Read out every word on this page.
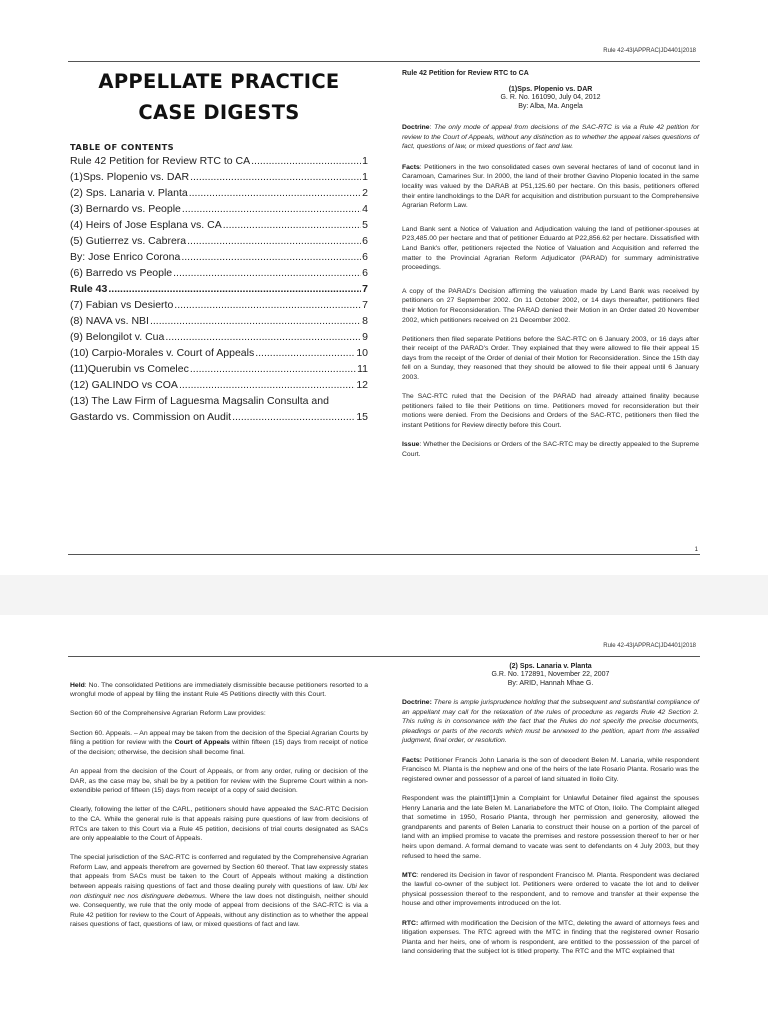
Rule 42-43|APPRAC|JD4401|2018
APPELLATE PRACTICE
CASE DIGESTS
TABLE OF CONTENTS
Rule 42 Petition for Review RTC to CA .....	1
(1)Sps. Plopenio vs. DAR .....	1
(2) Sps. Lanaria v. Planta .....	2
(3) Bernardo vs. People .....	4
(4) Heirs of Jose Esplana vs. CA .....	5
(5) Gutierrez vs. Cabrera .....	6
By: Jose Enrico Corona .....	6
(6) Barredo vs People .....	6
Rule 43 .....	7
(7) Fabian vs Desierto .....	7
(8) NAVA vs. NBI .....	8
(9) Belongilot v. Cua .....	9
(10) Carpio-Morales v. Court of Appeals .....	10
(11)Querubin vs Comelec .....	11
(12) GALINDO vs COA .....	12
(13) The Law Firm of Laguesma Magsalin Consulta and
Gastardo vs. Commission on Audit .....	15
Rule 42 Petition for Review RTC to CA
(1)Sps. Plopenio vs. DAR
G. R. No. 161090, July 04, 2012
By: Alba, Ma. Angela
Doctrine: The only mode of appeal from decisions of the SAC-RTC is via a Rule 42 petition for review to the Court of Appeals, without any distinction as to whether the appeal raises questions of fact, questions of law, or mixed questions of fact and law.
Facts: Petitioners in the two consolidated cases own several hectares of land of coconut land in Caramoan, Camarines Sur. In 2000, the land of their brother Gavino Plopenio located in the same locality was valued by the DARAB at P51,125.60 per hectare. On this basis, petitioners offered their entire landholdings to the DAR for acquisition and distribution pursuant to the Comprehensive Agrarian Reform Law.
Land Bank sent a Notice of Valuation and Adjudication valuing the land of petitioner-spouses at P23,485.00 per hectare and that of petitioner Eduardo at P22,856.62 per hectare. Dissatisfied with Land Bank's offer, petitioners rejected the Notice of Valuation and Acquisition and referred the matter to the Provincial Agrarian Reform Adjudicator (PARAD) for summary administrative proceedings.
A copy of the PARAD's Decision affirming the valuation made by Land Bank was received by petitioners on 27 September 2002. On 11 October 2002, or 14 days thereafter, petitioners filed their Motion for Reconsideration. The PARAD denied their Motion in an Order dated 20 November 2002, which petitioners received on 21 December 2002.
Petitioners then filed separate Petitions before the SAC-RTC on 6 January 2003, or 16 days after their receipt of the PARAD's Order. They explained that they were allowed to file their appeal 15 days from the receipt of the Order of denial of their Motion for Reconsideration. Since the 15th day fell on a Sunday, they reasoned that they should be allowed to file their appeal until 6 January 2003.
The SAC-RTC ruled that the Decision of the PARAD had already attained finality because petitioners failed to file their Petitions on time. Petitioners moved for reconsideration but their motions were denied. From the Decisions and Orders of the SAC-RTC, petitioners then filed the instant Petitions for Review directly before this Court.
Issue: Whether the Decisions or Orders of the SAC-RTC may be directly appealed to the Supreme Court.
1
Rule 42-43|APPRAC|JD4401|2018
Held: No. The consolidated Petitions are immediately dismissible because petitioners resorted to a wrongful mode of appeal by filing the instant Rule 45 Petitions directly with this Court.
Section 60 of the Comprehensive Agrarian Reform Law provides:
Section 60. Appeals. – An appeal may be taken from the decision of the Special Agrarian Courts by filing a petition for review with the Court of Appeals within fifteen (15) days from receipt of notice of the decision; otherwise, the decision shall become final.
An appeal from the decision of the Court of Appeals, or from any order, ruling or decision of the DAR, as the case may be, shall be by a petition for review with the Supreme Court within a non-extendible period of fifteen (15) days from receipt of a copy of said decision.
Clearly, following the letter of the CARL, petitioners should have appealed the SAC-RTC Decision to the CA. While the general rule is that appeals raising pure questions of law from decisions of RTCs are taken to this Court via a Rule 45 petition, decisions of trial courts designated as SACs are only appealable to the Court of Appeals.
The special jurisdiction of the SAC-RTC is conferred and regulated by the Comprehensive Agrarian Reform Law, and appeals therefrom are governed by Section 60 thereof. That law expressly states that appeals from SACs must be taken to the Court of Appeals without making a distinction between appeals raising questions of fact and those dealing purely with questions of law. Ubi lex non distinguit nec nos distinguere debemus. Where the law does not distinguish, neither should we. Consequently, we rule that the only mode of appeal from decisions of the SAC-RTC is via a Rule 42 petition for review to the Court of Appeals, without any distinction as to whether the appeal raises questions of fact, questions of law, or mixed questions of fact and law.
(2) Sps. Lanaria v. Planta
G.R. No. 172891, November 22, 2007
By: ARID, Hannah Mhae G.
Doctrine: There is ample jurisprudence holding that the subsequent and substantial compliance of an appellant may call for the relaxation of the rules of procedure as regards Rule 42 Section 2. This ruling is in consonance with the fact that the Rules do not specify the precise documents, pleadings or parts of the records which must be annexed to the petition, apart from the assailed judgment, final order, or resolution.
Facts: Petitioner Francis John Lanaria is the son of decedent Belen M. Lanaria, while respondent Francisco M. Planta is the nephew and one of the heirs of the late Rosario Planta. Rosario was the registered owner and possessor of a parcel of land situated in Iloilo City.
Respondent was the plaintiff[1]min a Complaint for Unlawful Detainer filed against the spouses Henry Lanaria and the late Belen M. Lanariabefore the MTC of Oton, Iloilo. The Complaint alleged that sometime in 1950, Rosario Planta, through her permission and generosity, allowed the grandparents and parents of Belen Lanaria to construct their house on a portion of the parcel of land with an implied promise to vacate the premises and restore possession thereof to her or her heirs upon demand. A formal demand to vacate was sent to defendants on 4 July 2003, but they refused to heed the same.
MTC: rendered its Decision in favor of respondent Francisco M. Planta. Respondent was declared the lawful co-owner of the subject lot. Petitioners were ordered to vacate the lot and to deliver physical possession thereof to the respondent, and to remove and transfer at their expense the house and other improvements introduced on the lot.
RTC: affirmed with modification the Decision of the MTC, deleting the award of attorneys fees and litigation expenses. The RTC agreed with the MTC in finding that the registered owner Rosario Planta and her heirs, one of whom is respondent, are entitled to the possession of the parcel of land considering that the subject lot is titled property. The RTC and the MTC explained that
